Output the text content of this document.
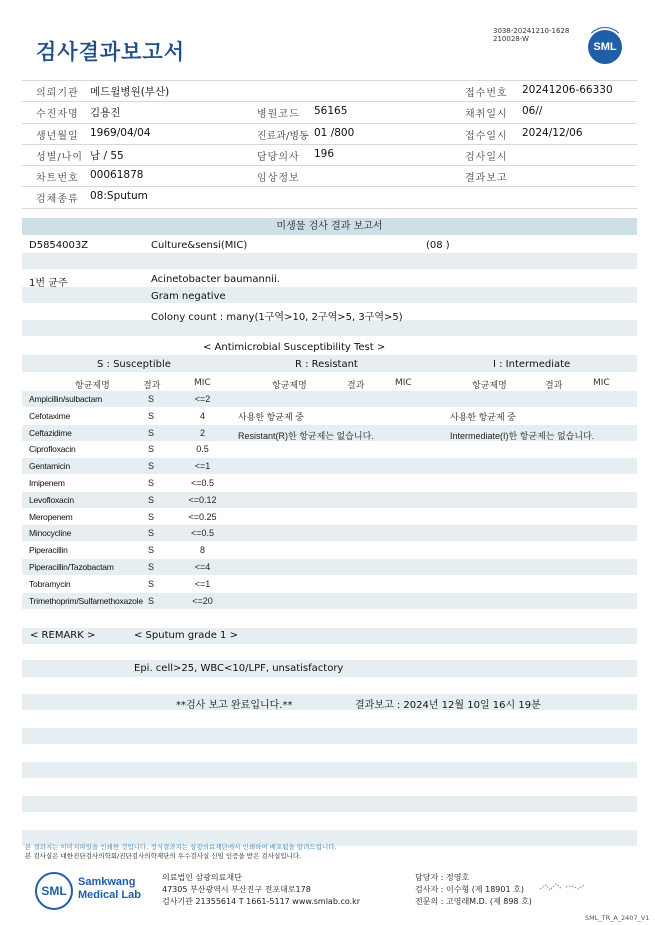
검사결과보고서
3038-20241210-1628
210028-W
SML
의뢰기관 메드윌병원(부산)	접수번호 20241206-66330
수진자명 김용진	병원코드 56165	채취일시 06//
생년월일 1969/04/04	진료과/병동 01 /800	접수일시 2024/12/06
성별/나이 남 / 55	담당의사 196	검사일시
차트번호 00061878	임상정보	결과보고
검체종류 08:Sputum
미생물 검사 결과 보고서
D5854003Z	Culture&sensi(MIC)	(08 )
1번 균주	Acinetobacter baumannii.
Gram negative
Colony count : many(1구역>10, 2구역>5, 3구역>5)
< Antimicrobial Susceptibility Test >
S : Susceptible	R : Resistant	I : Intermediate
항균제명	결과	MIC	항균제명	결과	MIC	항균제명	결과	MIC
Ampicillin/sulbactam	S	<=2
Cefotaxime	S	4
Ceftazidime	S	2
Ciprofloxacin	S	0.5
Gentamicin	S	<=1
Imipenem	S	<=0.5
Levofloxacin	S	<=0.12
Meropenem	S	<=0.25
Minocycline	S	<=0.5
Piperacillin	S	8
Piperacillin/Tazobactam	S	<=4
Tobramycin	S	<=1
Trimethoprim/Sulfamethoxazole S	<=20
사용한 항균제 중
Resistant(R)한 항균제는 없습니다.
사용한 항균제 중
Intermediate(I)한 항균제는 없습니다.
< REMARK >	< Sputum grade 1 >
Epi. cell>25, WBC<10/LPF, unsatisfactory
**검사 보고 완료입니다.**	결과보고 : 2024년 12월 10일 16시 19분
본 결과지는 이미지파일을 인쇄한 것입니다. 정식결과지는 삼광의료재단에서 인쇄하여 배포됨을 알려드립니다.
본 검사실은 대한진단검사의학회/진단검사의학재단의 우수검사실 신임 인증을 받은 검사실입니다.
SML
Samkwang
Medical Lab
의료법인 삼광의료재단
47305 부산광역시 부산진구 전포대로178
검사기관 21355614 T 1661-5117 www.smlab.co.kr
담당자 : 정영호
검사자 : 이수형 (제 18901 호)
전문의 : 고영래M.D. (제 898 호)
SML_TR_A_2407_V1
